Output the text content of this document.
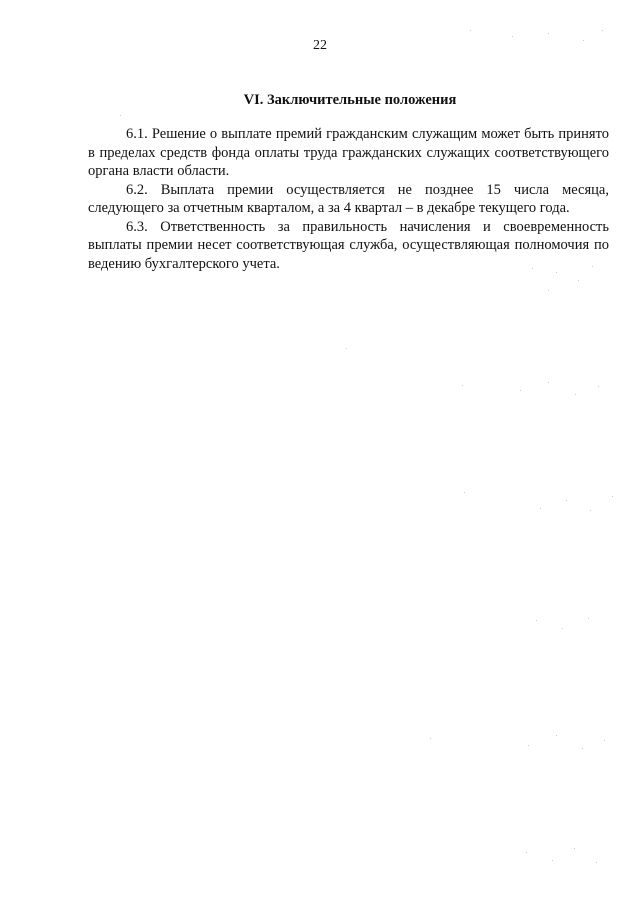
22
VI. Заключительные положения

6.1. Решение о выплате премий гражданским служащим может быть принято в пределах средств фонда оплаты труда гражданских служащих соответствующего органа власти области.

6.2. Выплата премии осуществляется не позднее 15 числа месяца, следующего за отчетным кварталом, а за 4 квартал – в декабре текущего года.

6.3. Ответственность за правильность начисления и своевременность выплаты премии несет соответствующая служба, осуществляющая полномочия по ведению бухгалтерского учета.
